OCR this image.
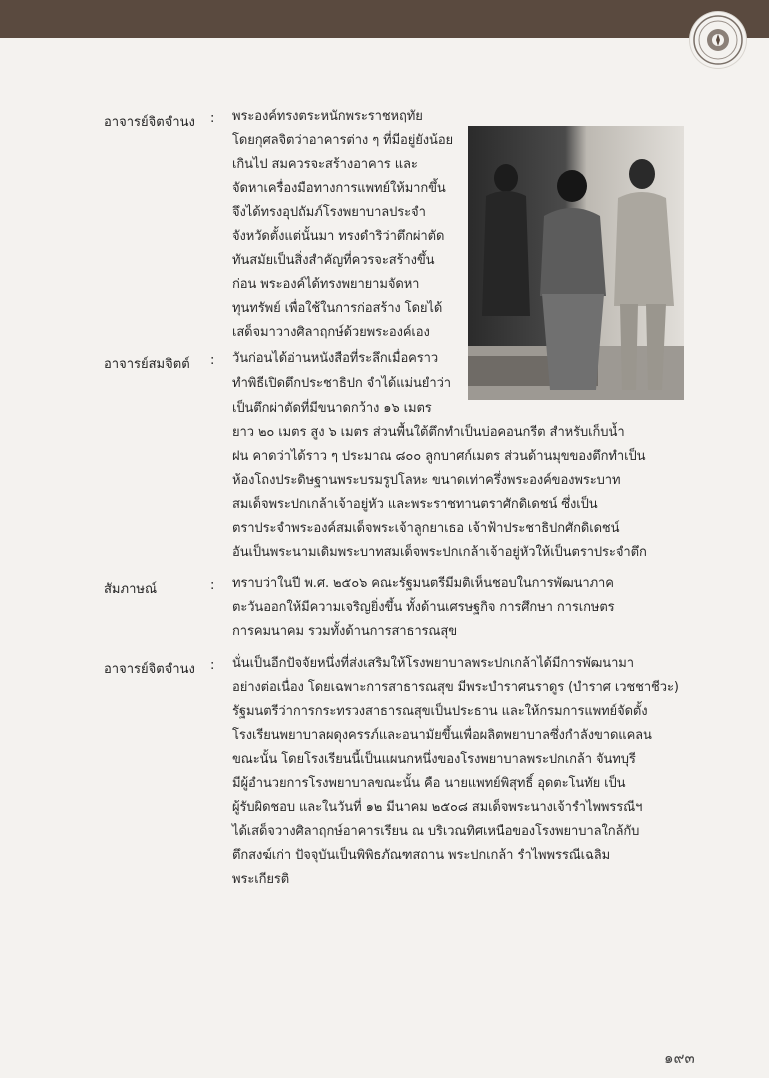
อาจารย์จิตจำนง : พระองค์ทรงตระหนักพระราชหฤทัย
โดยกุศลจิตว่าอาคารต่าง ๆ ที่มีอยู่ยังน้อย
เกินไป สมควรจะสร้างอาคาร และ
จัดหาเครื่องมือทางการแพทย์ให้มากขึ้น
จึงได้ทรงอุปถัมภ์โรงพยาบาลประจำ
จังหวัดตั้งแต่นั้นมา ทรงดำริว่าตึกผ่าตัด
ทันสมัยเป็นสิ่งสำคัญที่ควรจะสร้างขึ้น
ก่อน พระองค์ได้ทรงพยายามจัดหา
ทุนทรัพย์ เพื่อใช้ในการก่อสร้าง โดยได้
เสด็จมาวางศิลาฤกษ์ด้วยพระองค์เอง
อาจารย์สมจิตต์ : วันก่อนได้อ่านหนังสือที่ระลึกเมื่อคราว
ทำพิธีเปิดตึกประชาธิปก จำได้แม่นยำว่า
เป็นตึกผ่าตัดที่มีขนาดกว้าง ๑๖ เมตร
ยาว ๒๐ เมตร สูง ๖ เมตร ส่วนพื้นใต้ตึกทำเป็นบ่อคอนกรีต สำหรับเก็บน้ำ
ฝน คาดว่าได้ราว ๆ ประมาณ ๘๐๐ ลูกบาศก์เมตร ส่วนด้านมุขของตึกทำเป็น
ห้องโถงประดิษฐานพระบรมรูปโลหะ ขนาดเท่าครึ่งพระองค์ของพระบาท
สมเด็จพระปกเกล้าเจ้าอยู่หัว และพระราชทานตราศักดิเดชน์ ซึ่งเป็น
ตราประจำพระองค์สมเด็จพระเจ้าลูกยาเธอ เจ้าฟ้าประชาธิปกศักดิเดชน์
อันเป็นพระนามเดิมพระบาทสมเด็จพระปกเกล้าเจ้าอยู่หัวให้เป็นตราประจำตึก
สัมภาษณ์	: ทราบว่าในปี พ.ศ. ๒๕๐๖ คณะรัฐมนตรีมีมติเห็นชอบในการพัฒนาภาค
ตะวันออกให้มีความเจริญยิ่งขึ้น ทั้งด้านเศรษฐกิจ การศึกษา การเกษตร
การคมนาคม รวมทั้งด้านการสาธารณสุข
อาจารย์จิตจำนง : นั่นเป็นอีกปัจจัยหนึ่งที่ส่งเสริมให้โรงพยาบาลพระปกเกล้าได้มีการพัฒนามา
อย่างต่อเนื่อง โดยเฉพาะการสาธารณสุข มีพระบำราศนราดูร (บำราศ เวชชาชีวะ)
รัฐมนตรีว่าการกระทรวงสาธารณสุขเป็นประธาน และให้กรมการแพทย์จัดตั้ง
โรงเรียนพยาบาลผดุงครรภ์และอนามัยขึ้นเพื่อผลิตพยาบาลซึ่งกำลังขาดแคลน
ขณะนั้น โดยโรงเรียนนี้เป็นแผนกหนึ่งของโรงพยาบาลพระปกเกล้า จันทบุรี
มีผู้อำนวยการโรงพยาบาลขณะนั้น คือ นายแพทย์พิสุทธิ์ อุดตะโนทัย เป็น
ผู้รับผิดชอบ และในวันที่ ๑๒ มีนาคม ๒๕๐๘ สมเด็จพระนางเจ้ารำไพพรรณีฯ
ได้เสด็จวางศิลาฤกษ์อาคารเรียน ณ บริเวณทิศเหนือของโรงพยาบาลใกล้กับ
ตึกสงฆ์เก่า ปัจจุบันเป็นพิพิธภัณฑสถาน พระปกเกล้า รำไพพรรณีเฉลิม
พระเกียรติ
๑๙๓
